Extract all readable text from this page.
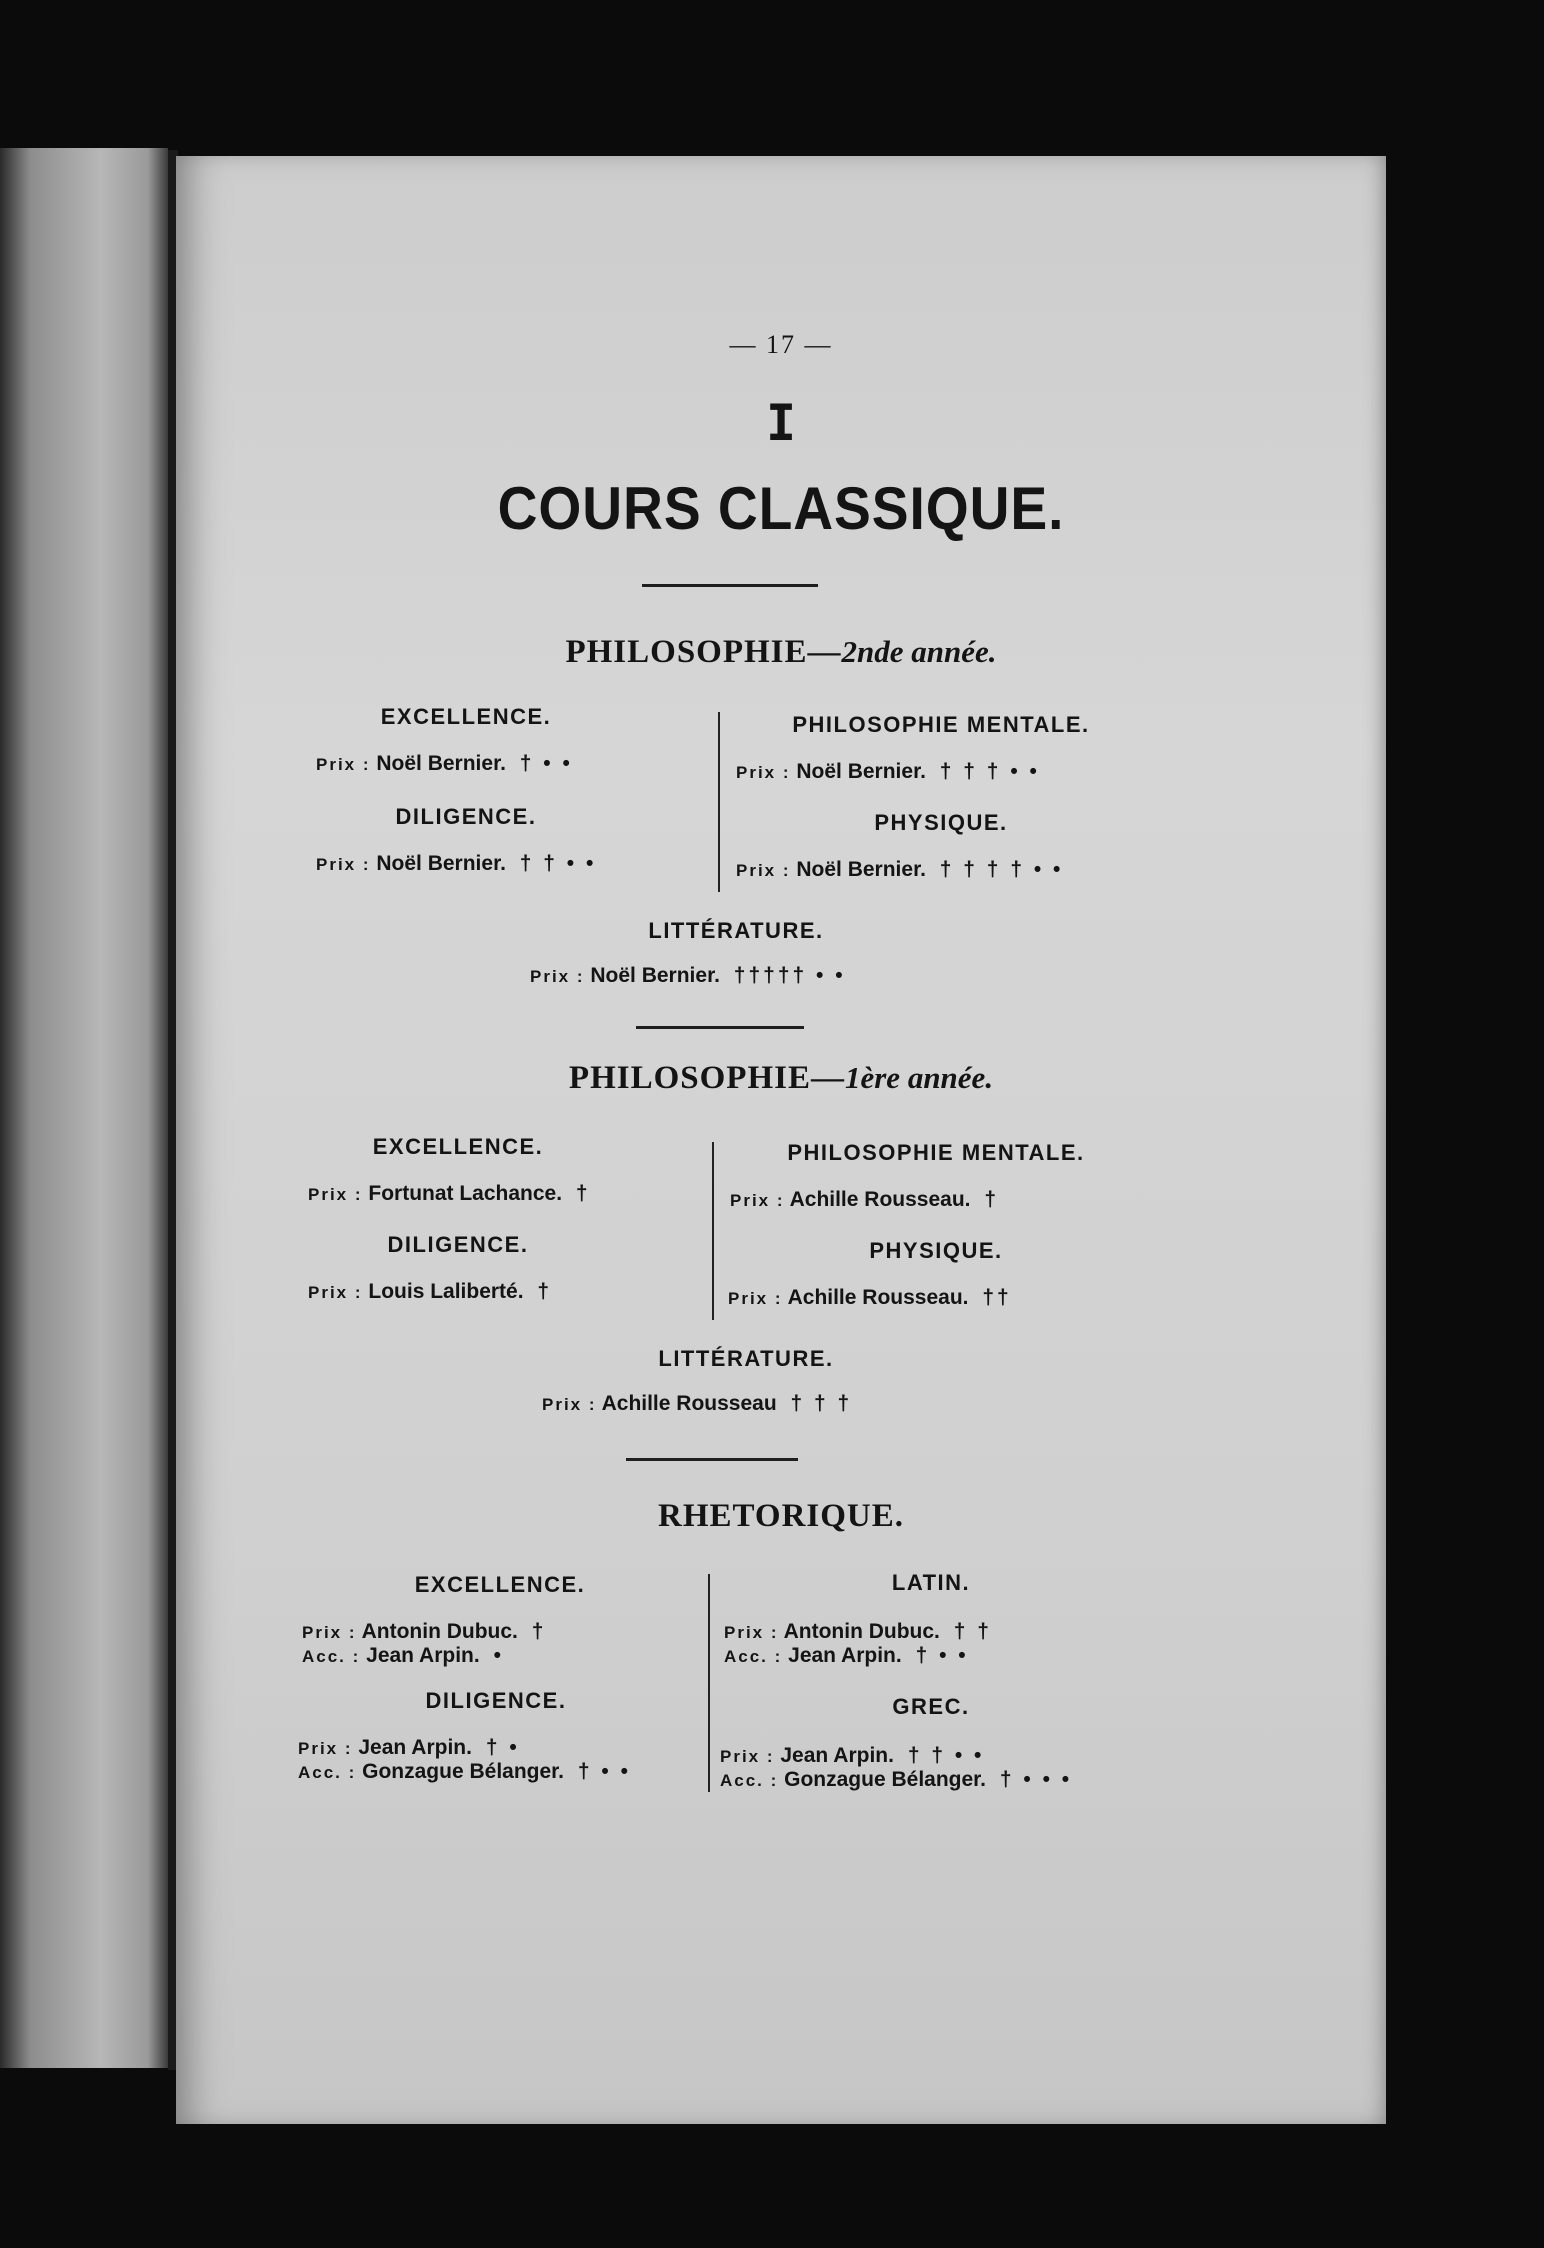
— 17 —
I
COURS CLASSIQUE.
PHILOSOPHIE—2nde année.
EXCELLENCE.
Prix : Noël Bernier. † • •
DILIGENCE.
Prix : Noël Bernier. † † • •
PHILOSOPHIE MENTALE.
Prix : Noël Bernier. † † † • •
PHYSIQUE.
Prix : Noël Bernier. † † † † • •
LITTÉRATURE.
Prix : Noël Bernier. ††††† • •
PHILOSOPHIE—1ère année.
EXCELLENCE.
Prix : Fortunat Lachance. †
DILIGENCE.
Prix : Louis Laliberté. †
PHILOSOPHIE MENTALE.
Prix : Achille Rousseau. †
PHYSIQUE.
Prix : Achille Rousseau. ††
LITTÉRATURE.
Prix : Achille Rousseau † † †
RHETORIQUE.
EXCELLENCE.
Prix : Antonin Dubuc. †
Acc. : Jean Arpin. •
DILIGENCE.
Prix : Jean Arpin. † •
Acc. : Gonzague Bélanger. † • •
LATIN.
Prix : Antonin Dubuc. † †
Acc. : Jean Arpin. † • •
GREC.
Prix : Jean Arpin. † † • •
Acc. : Gonzague Bélanger. † • • •
